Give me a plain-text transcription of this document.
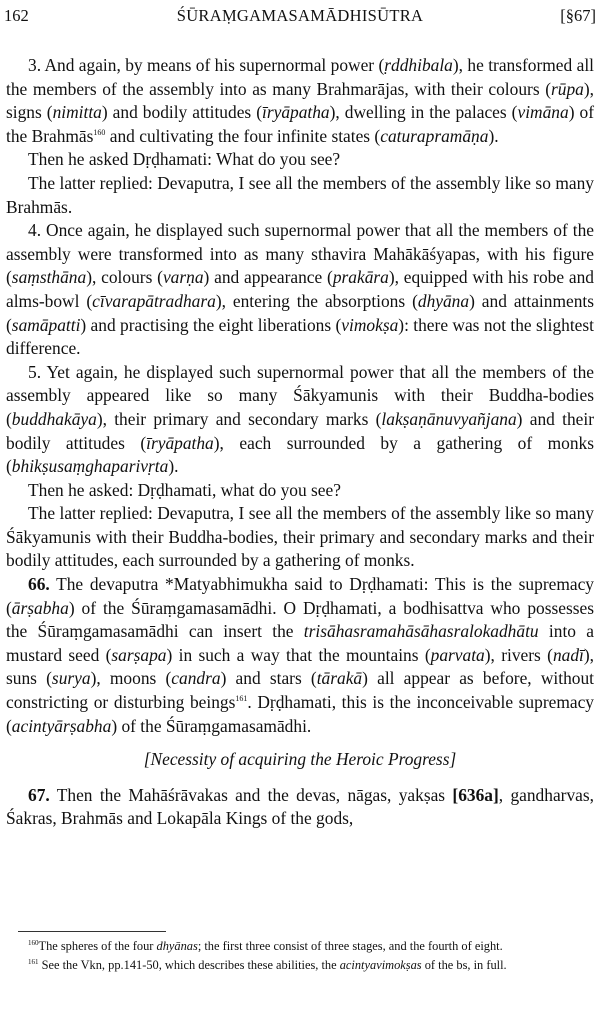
162	ŚŪRAṂGAMASAMĀDHISŪTRA	[§67]

3. And again, by means of his supernormal power (ṛddhibala), he transformed all the members of the assembly into as many Brahmarājas, with their colours (rūpa), signs (nimitta) and bodily attitudes (īryāpatha), dwelling in the palaces (vimāna) of the Brahmās$^{160}$ and cultivating the four infinite states (caturapramāṇa).

Then he asked Dṛḍhamati: What do you see?

The latter replied: Devaputra, I see all the members of the assembly like so many Brahmās.

4. Once again, he displayed such supernormal power that all the members of the assembly were transformed into as many sthavira Mahākāśyapas, with his figure (saṃsthāna), colours (varṇa) and appearance (prakāra), equipped with his robe and alms-bowl (cīvarapātradhara), entering the absorptions (dhyāna) and attainments (samāpatti) and practising the eight liberations (vimokṣa): there was not the slightest difference.

5. Yet again, he displayed such supernormal power that all the members of the assembly appeared like so many Śākyamunis with their Buddha-bodies (buddhakāya), their primary and secondary marks (lakṣaṇānuvyañjana) and their bodily attitudes (īryāpatha), each surrounded by a gathering of monks (bhikṣusaṃghaparivṛta).

Then he asked: Dṛḍhamati, what do you see?

The latter replied: Devaputra, I see all the members of the assembly like so many Śākyamunis with their Buddha-bodies, their primary and secondary marks and their bodily attitudes, each surrounded by a gathering of monks.

66. The devaputra *Matyabhimukha said to Dṛḍhamati: This is the supremacy (ārṣabha) of the Śūraṃgamasamādhi. O Dṛḍhamati, a bodhisattva who possesses the Śūraṃgamasamādhi can insert the trisāhasramahāsāhasralokadhātu into a mustard seed (sarṣapa) in such a way that the mountains (parvata), rivers (nadī), suns (surya), moons (candra) and stars (tārakā) all appear as before, without constricting or disturbing beings$^{161}$. Dṛḍhamati, this is the inconceivable supremacy (acintyārṣabha) of the Śūraṃgamasamādhi.

[Necessity of acquiring the Heroic Progress]

67. Then the Mahāśrāvakas and the devas, nāgas, yakṣas [636a], gandharvas, Śakras, Brahmās and Lokapāla Kings of the gods,

$^{160}$The spheres of the four dhyānas; the first three consist of three stages, and the fourth of eight.

$^{161}$ See the Vkn, pp.141-50, which describes these abilities, the acintyavimokṣas of the bs, in full.
